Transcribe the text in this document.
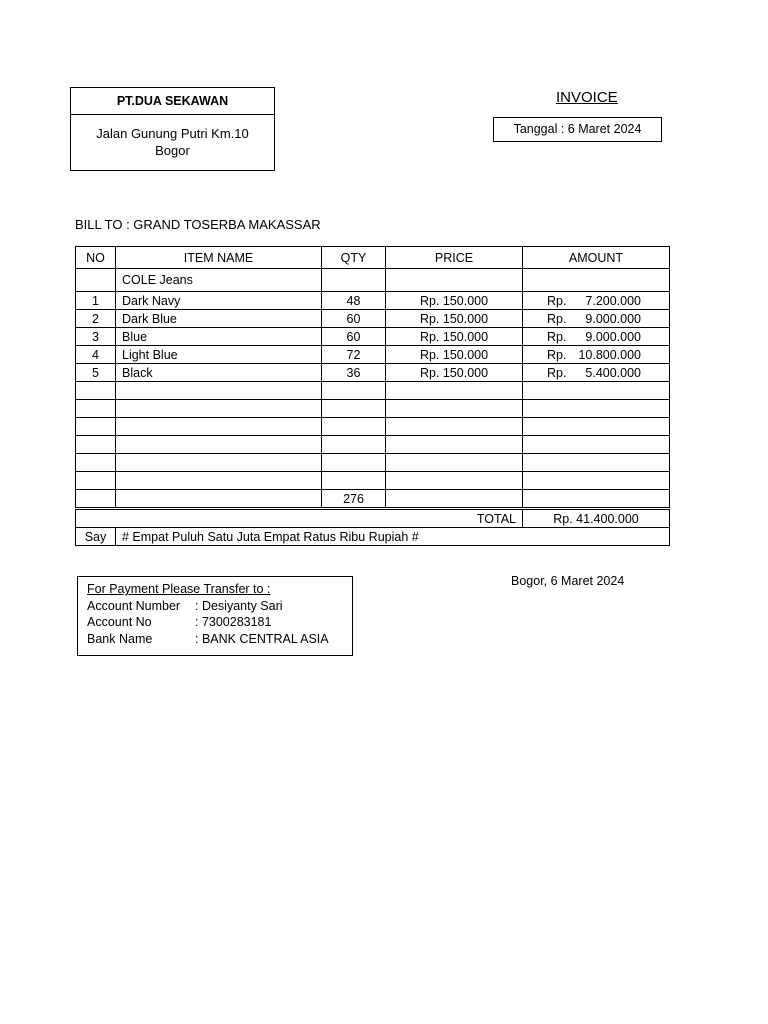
PT.DUA SEKAWAN
Jalan Gunung Putri Km.10
Bogor
INVOICE
Tanggal : 6 Maret 2024
BILL TO : GRAND TOSERBA MAKASSAR
NO	ITEM NAME	QTY	PRICE	AMOUNT
	COLE Jeans			
1	Dark Navy	48	Rp. 150.000	Rp. 7.200.000

2	Dark Blue	60	Rp. 150.000	Rp. 9.000.000

3	Blue	60	Rp. 150.000	Rp. 9.000.000

4	Light Blue	72	Rp. 150.000	Rp. 10.800.000

5	Black	36	Rp. 150.000	Rp. 5.400.000

		276		
TOTAL				Rp. 41.400.000
Say	# Empat Puluh Satu Juta Empat Ratus Ribu Rupiah #			
For Payment Please Transfer to :
Account Number	: Desiyanty Sari
Account No	: 7300283181
Bank Name	: BANK CENTRAL ASIA
Bogor, 6 Maret 2024
